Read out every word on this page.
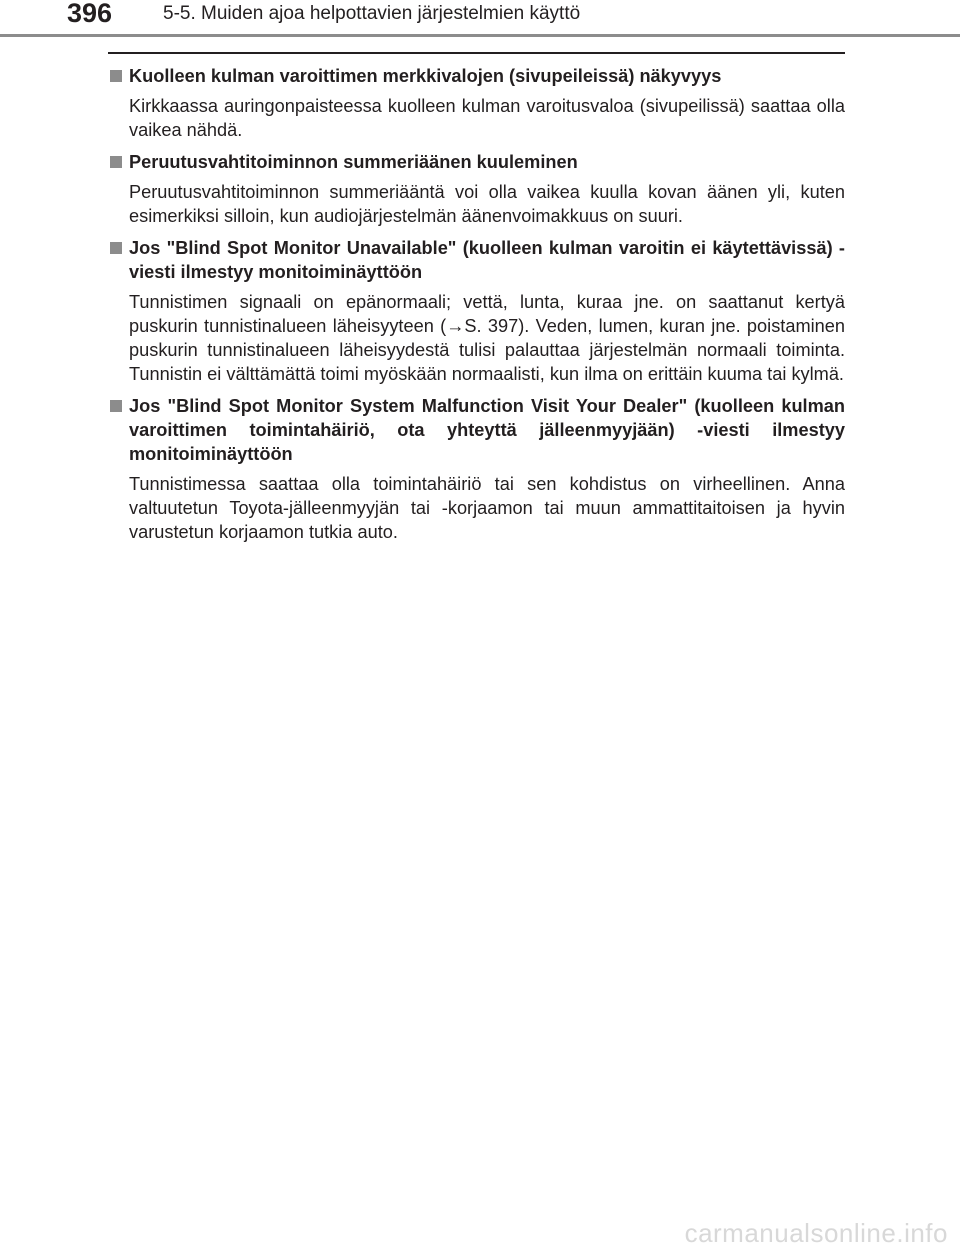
396	5-5. Muiden ajoa helpottavien järjestelmien käyttö
Kuolleen kulman varoittimen merkkivalojen (sivupeileissä) näkyvyys
Kirkkaassa auringonpaisteessa kuolleen kulman varoitusvaloa (sivupeilissä) saattaa olla vaikea nähdä.
Peruutusvahtitoiminnon summeriäänen kuuleminen
Peruutusvahtitoiminnon summeriääntä voi olla vaikea kuulla kovan äänen yli, kuten esimerkiksi silloin, kun audiojärjestelmän äänenvoimakkuus on suuri.
Jos "Blind Spot Monitor Unavailable" (kuolleen kulman varoitin ei käytettävissä) -viesti ilmestyy monitoiminäyttöön
Tunnistimen signaali on epänormaali; vettä, lunta, kuraa jne. on saattanut kertyä puskurin tunnistinalueen läheisyyteen (→S. 397). Veden, lumen, kuran jne. poistaminen puskurin tunnistinalueen läheisyydestä tulisi palauttaa järjestelmän normaali toiminta. Tunnistin ei välttämättä toimi myöskään normaalisti, kun ilma on erittäin kuuma tai kylmä.
Jos "Blind Spot Monitor System Malfunction Visit Your Dealer" (kuolleen kulman varoittimen toimintahäiriö, ota yhteyttä jälleenmyyjään) -viesti ilmestyy monitoiminäyttöön
Tunnistimessa saattaa olla toimintahäiriö tai sen kohdistus on virheellinen. Anna valtuutetun Toyota-jälleenmyyjän tai -korjaamon tai muun ammattitaitoisen ja hyvin varustetun korjaamon tutkia auto.
carmanualsonline.info
